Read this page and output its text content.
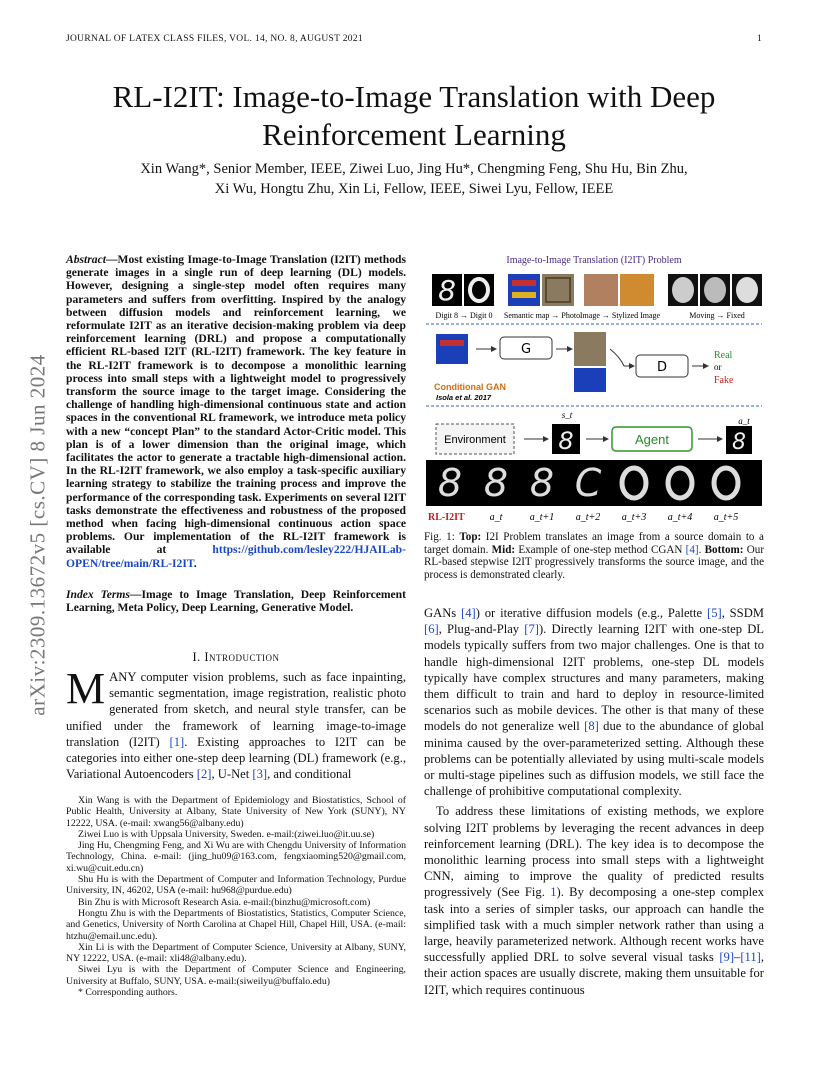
JOURNAL OF LATEX CLASS FILES, VOL. 14, NO. 8, AUGUST 2021	1
arXiv:2309.13672v5 [cs.CV] 8 Jun 2024
RL-I2IT: Image-to-Image Translation with Deep
Reinforcement Learning
Xin Wang*, Senior Member, IEEE, Ziwei Luo, Jing Hu*, Chengming Feng, Shu Hu, Bin Zhu,
Xi Wu, Hongtu Zhu, Xin Li, Fellow, IEEE, Siwei Lyu, Fellow, IEEE
Abstract—Most existing Image-to-Image Translation (I2IT) methods generate images in a single run of deep learning (DL) models. However, designing a single-step model often requires many parameters and suffers from overfitting. Inspired by the analogy between diffusion models and reinforcement learning, we reformulate I2IT as an iterative decision-making problem via deep reinforcement learning (DRL) and propose a computationally efficient RL-based I2IT (RL-I2IT) framework. The key feature in the RL-I2IT framework is to decompose a monolithic learning process into small steps with a lightweight model to progressively transform the source image to the target image. Considering the challenge of handling high-dimensional continuous state and action spaces in the conventional RL framework, we introduce meta policy with a new “concept Plan” to the standard Actor-Critic model. This plan is of a lower dimension than the original image, which facilitates the actor to generate a tractable high-dimensional action. In the RL-I2IT framework, we also employ a task-specific auxiliary learning strategy to stabilize the training process and improve the performance of the corresponding task. Experiments on several I2IT tasks demonstrate the effectiveness and robustness of the proposed method when facing high-dimensional continuous action space problems. Our implementation of the RL-I2IT framework is available at https://github.com/lesley222/HJAILab-OPEN/tree/main/RL-I2IT.
Index Terms—Image to Image Translation, Deep Reinforcement Learning, Meta Policy, Deep Learning, Generative Model.
I. Introduction
MANY computer vision problems, such as face inpainting, semantic segmentation, image registration, realistic photo generated from sketch, and neural style transfer, can be unified under the framework of learning image-to-image translation (I2IT) [1]. Existing approaches to I2IT can be categories into either one-step deep learning (DL) framework (e.g., Variational Autoencoders [2], U-Net [3], and conditional

Xin Wang is with the Department of Epidemiology and Biostatistics, School of Public Health, University at Albany, State University of New York (SUNY), NY 12222, USA. (e-mail: xwang56@albany.edu)

Ziwei Luo is with Uppsala University, Sweden. e-mail:(ziwei.luo@it.uu.se)

Jing Hu, Chengming Feng, and Xi Wu are with Chengdu University of Information Technology, China. e-mail: (jing_hu09@163.com, fengxiaoming520@gmail.com, xi.wu@cuit.edu.cn)

Shu Hu is with the Department of Computer and Information Technology, Purdue University, IN, 46202, USA (e-mail: hu968@purdue.edu)

Bin Zhu is with Microsoft Research Asia. e-mail:(binzhu@microsoft.com)

Hongtu Zhu is with the Departments of Biostatistics, Statistics, Computer Science, and Genetics, University of North Carolina at Chapel Hill, Chapel Hill, USA. (e-mail: htzhu@email.unc.edu).

Xin Li is with the Department of Computer Science, University at Albany, SUNY, NY 12222, USA. (e-mail: xli48@albany.edu).

Siwei Lyu is with the Department of Computer Science and Engineering, University at Buffalo, SUNY, USA. e-mail:(siweilyu@buffalo.edu)

* Corresponding authors.

Image-to-Image Translation (I2IT) Problem
8
Digit 8 → Digit 0 Semantic map → Photo Image → Stylized Image	Moving → Fixed
G
D
Real
or
Fake
Conditional GAN
Isola et al. 2017
Environment
s_t
8	Agent
a_t
8
8 8 8 C
RL-I2IT a_t	a_t+1 a_t+2 a_t+3 a_t+4 a_t+5
Fig. 1: Top: I2I Problem translates an image from a source domain to a target domain. Mid: Example of one-step method CGAN [4]. Bottom: Our RL-based stepwise I2IT progressively transforms the source image, and the process is demonstrated clearly.

GANs [4]) or iterative diffusion models (e.g., Palette [5], SSDM [6], Plug-and-Play [7]). Directly learning I2IT with one-step DL models typically suffers from two major challenges. One is that to handle high-dimensional I2IT problems, one-step DL models typically have complex structures and many parameters, making them difficult to train and hard to deploy in resource-limited scenarios such as mobile devices. The other is that many of these models do not generalize well [8] due to the abundance of global minima caused by the over-parameterized setting. Although these problems can be potentially alleviated by using multi-scale models or multi-stage pipelines such as diffusion models, we still face the challenge of prohibitive computational complexity.

To address these limitations of existing methods, we explore solving I2IT problems by leveraging the recent advances in deep reinforcement learning (DRL). The key idea is to decompose the monolithic learning process into small steps with a lightweight CNN, aiming to improve the quality of predicted results progressively (See Fig. 1). By decomposing a one-step complex task into a series of simpler tasks, our approach can handle the simplified task with a much simpler network rather than using a large, heavily parameterized network. Although recent works have successfully applied DRL to solve several visual tasks [9]–[11], their action spaces are usually discrete, making them unsuitable for I2IT, which requires continuous
